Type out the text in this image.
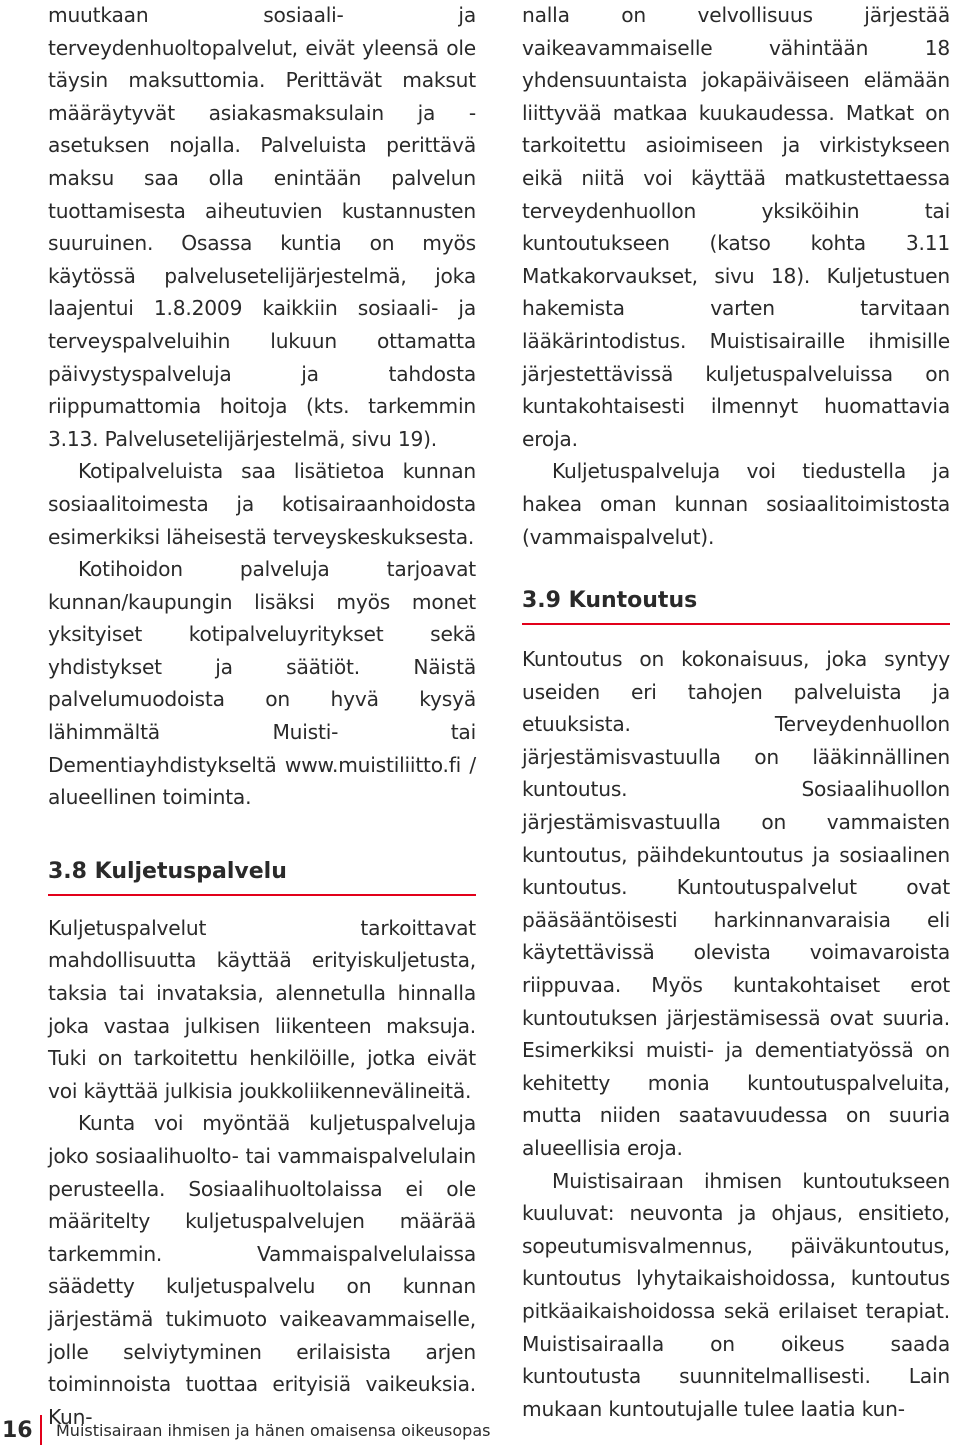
muutkaan sosiaali- ja terveydenhuoltopalvelut, eivät yleensä ole täysin maksuttomia. Perittävät maksut määräytyvät asiakasmaksulain ja -asetuksen nojalla. Palveluista perittävä maksu saa olla enintään palvelun tuottamisesta aiheutuvien kustannusten suuruinen. Osassa kuntia on myös käytössä palvelusetelijärjestelmä, joka laajentui 1.8.2009 kaikkiin sosiaali- ja terveyspalveluihin lukuun ottamatta päivystyspalveluja ja tahdosta riippumattomia hoitoja (kts. tarkemmin 3.13. Palvelusetelijärjestelmä, sivu 19).

Kotipalveluista saa lisätietoa kunnan sosiaalitoimesta ja kotisairaanhoidosta esimerkiksi läheisestä terveyskeskuksesta.

Kotihoidon palveluja tarjoavat kunnan/kaupungin lisäksi myös monet yksityiset kotipalveluyritykset sekä yhdistykset ja säätiöt. Näistä palvelumuodoista on hyvä kysyä lähimmältä Muisti- tai Dementiayhdistykseltä www.muistiliitto.fi / alueellinen toiminta.

3.8 Kuljetuspalvelu

Kuljetuspalvelut tarkoittavat mahdollisuutta käyttää erityiskuljetusta, taksia tai invataksia, alennetulla hinnalla joka vastaa julkisen liikenteen maksuja. Tuki on tarkoitettu henkilöille, jotka eivät voi käyttää julkisia joukkoliikennevälineitä.

Kunta voi myöntää kuljetuspalveluja joko sosiaalihuolto- tai vammaispalvelulain perusteella. Sosiaalihuoltolaissa ei ole määritelty kuljetuspalvelujen määrää tarkemmin. Vammaispalvelulaissa säädetty kuljetuspalvelu on kunnan järjestämä tukimuoto vaikeavammaiselle, jolle selviytyminen erilaisista arjen toiminnoista tuottaa erityisiä vaikeuksia. Kun-

nalla on velvollisuus järjestää vaikeavammaiselle vähintään 18 yhdensuuntaista jokapäiväiseen elämään liittyvää matkaa kuukaudessa. Matkat on tarkoitettu asioimiseen ja virkistykseen eikä niitä voi käyttää matkustettaessa terveydenhuollon yksiköihin tai kuntoutukseen (katso kohta 3.11 Matkakorvaukset, sivu 18). Kuljetustuen hakemista varten tarvitaan lääkärintodistus. Muistisairaille ihmisille järjestettävissä kuljetuspalveluissa on kuntakohtaisesti ilmennyt huomattavia eroja.

Kuljetuspalveluja voi tiedustella ja hakea oman kunnan sosiaalitoimistosta (vammaispalvelut).

3.9 Kuntoutus

Kuntoutus on kokonaisuus, joka syntyy useiden eri tahojen palveluista ja etuuksista. Terveydenhuollon järjestämisvastuulla on lääkinnällinen kuntoutus. Sosiaalihuollon järjestämisvastuulla on vammaisten kuntoutus, päihdekuntoutus ja sosiaalinen kuntoutus. Kuntoutuspalvelut ovat pääsääntöisesti harkinnanvaraisia eli käytettävissä olevista voimavaroista riippuvaa. Myös kuntakohtaiset erot kuntoutuksen järjestämisessä ovat suuria. Esimerkiksi muisti- ja dementiatyössä on kehitetty monia kuntoutuspalveluita, mutta niiden saatavuudessa on suuria alueellisia eroja.

Muistisairaan ihmisen kuntoutukseen kuuluvat: neuvonta ja ohjaus, ensitieto, sopeutumisvalmennus, päiväkuntoutus, kuntoutus lyhytaikaishoidossa, kuntoutus pitkäaikaishoidossa sekä erilaiset terapiat. Muistisairaalla on oikeus saada kuntoutusta suunnitelmallisesti. Lain mukaan kuntoutujalle tulee laatia kun-

16 Muistisairaan ihmisen ja hänen omaisensa oikeusopas
